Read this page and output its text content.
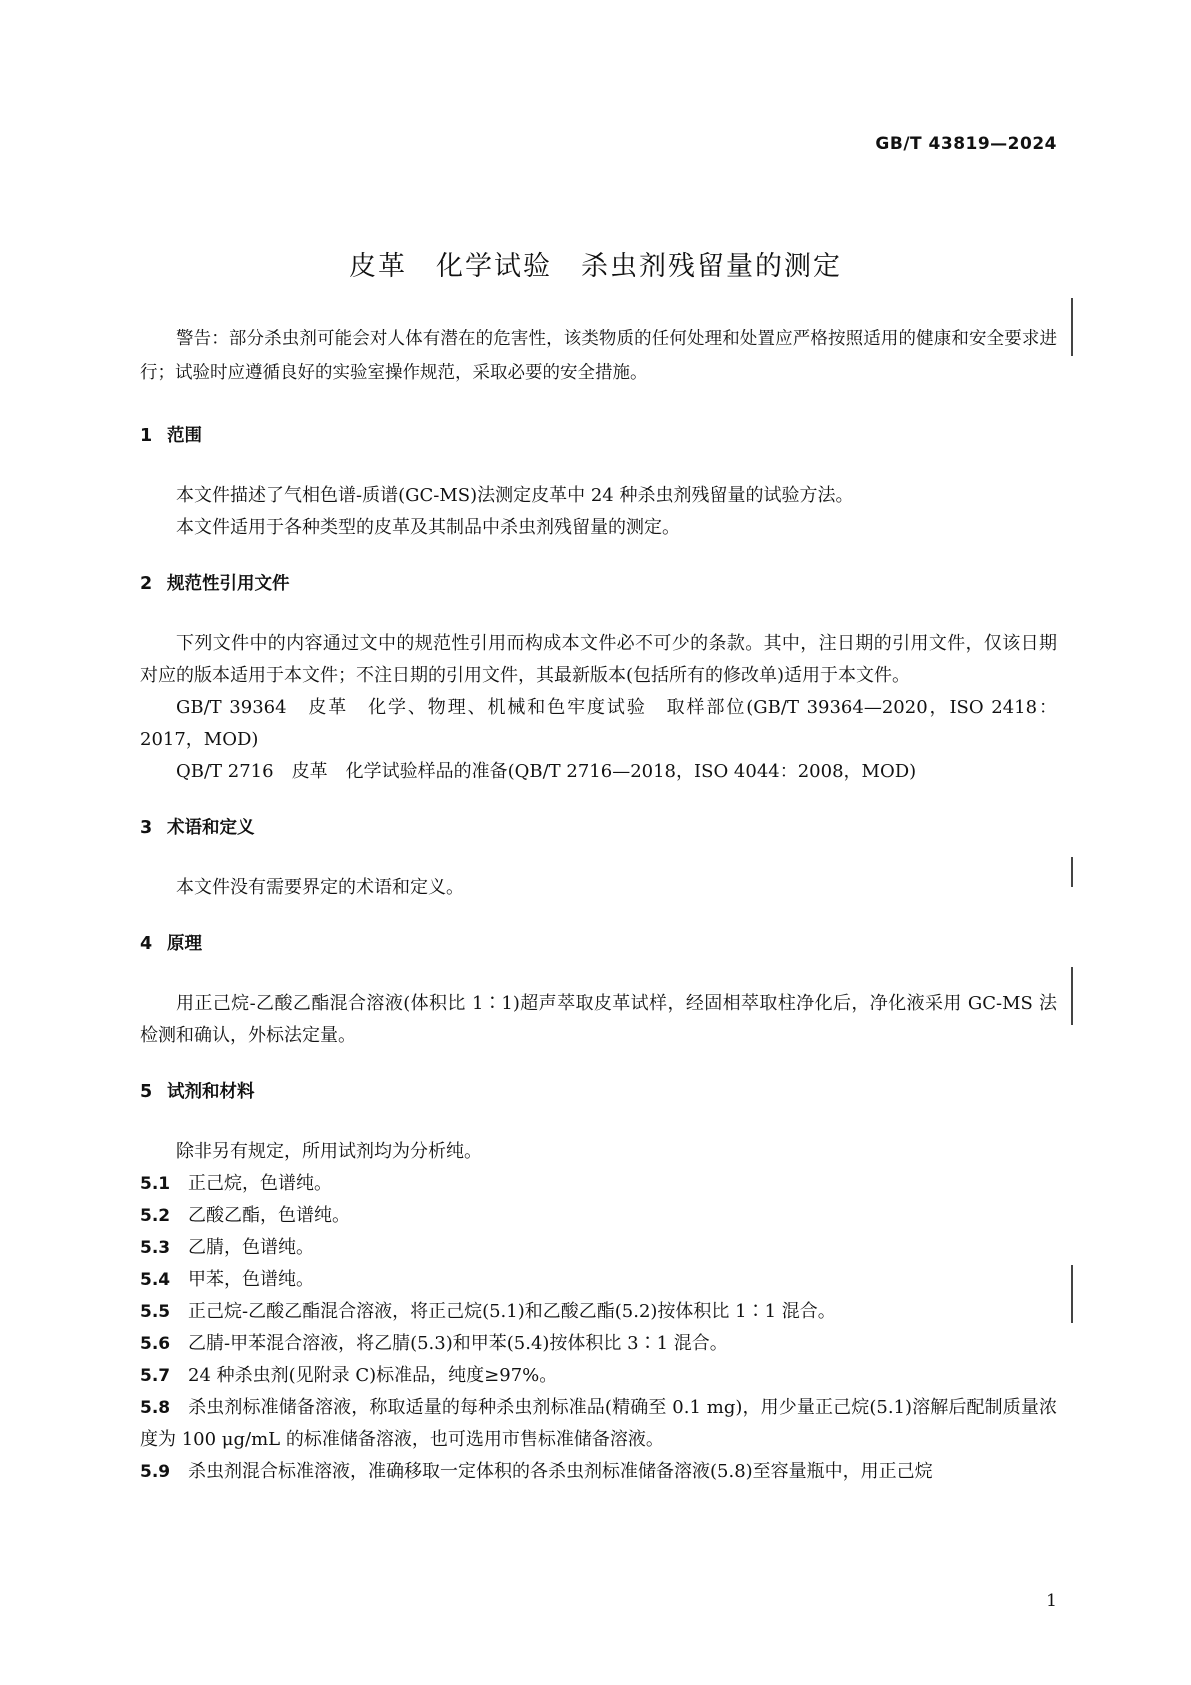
GB/T 43819—2024
皮革　化学试验　杀虫剂残留量的测定

警告：部分杀虫剂可能会对人体有潜在的危害性，该类物质的任何处理和处置应严格按照适用的健康和安全要求进行；试验时应遵循良好的实验室操作规范，采取必要的安全措施。

1 范围

本文件描述了气相色谱-质谱(GC-MS)法测定皮革中 24 种杀虫剂残留量的试验方法。

本文件适用于各种类型的皮革及其制品中杀虫剂残留量的测定。

2 规范性引用文件

下列文件中的内容通过文中的规范性引用而构成本文件必不可少的条款。其中，注日期的引用文件，仅该日期对应的版本适用于本文件；不注日期的引用文件，其最新版本(包括所有的修改单)适用于本文件。

GB/T 39364　皮革　化学、物理、机械和色牢度试验　取样部位(GB/T 39364—2020，ISO 2418：2017，MOD)

QB/T 2716　皮革　化学试验样品的准备(QB/T 2716—2018，ISO 4044：2008，MOD)

3 术语和定义

本文件没有需要界定的术语和定义。

4 原理

用正己烷-乙酸乙酯混合溶液(体积比 1∶1)超声萃取皮革试样，经固相萃取柱净化后，净化液采用 GC-MS 法检测和确认，外标法定量。

5 试剂和材料

除非另有规定，所用试剂均为分析纯。

5.1 正己烷，色谱纯。

5.2 乙酸乙酯，色谱纯。

5.3 乙腈，色谱纯。

5.4 甲苯，色谱纯。

5.5 正己烷-乙酸乙酯混合溶液，将正己烷(5.1)和乙酸乙酯(5.2)按体积比 1∶1 混合。

5.6 乙腈-甲苯混合溶液，将乙腈(5.3)和甲苯(5.4)按体积比 3∶1 混合。

5.7 24 种杀虫剂(见附录 C)标准品，纯度≥97%。

5.8 杀虫剂标准储备溶液，称取适量的每种杀虫剂标准品(精确至 0.1 mg)，用少量正己烷(5.1)溶解后配制质量浓度为 100 μg/mL 的标准储备溶液，也可选用市售标准储备溶液。

5.9 杀虫剂混合标准溶液，准确移取一定体积的各杀虫剂标准储备溶液(5.8)至容量瓶中，用正己烷

1
